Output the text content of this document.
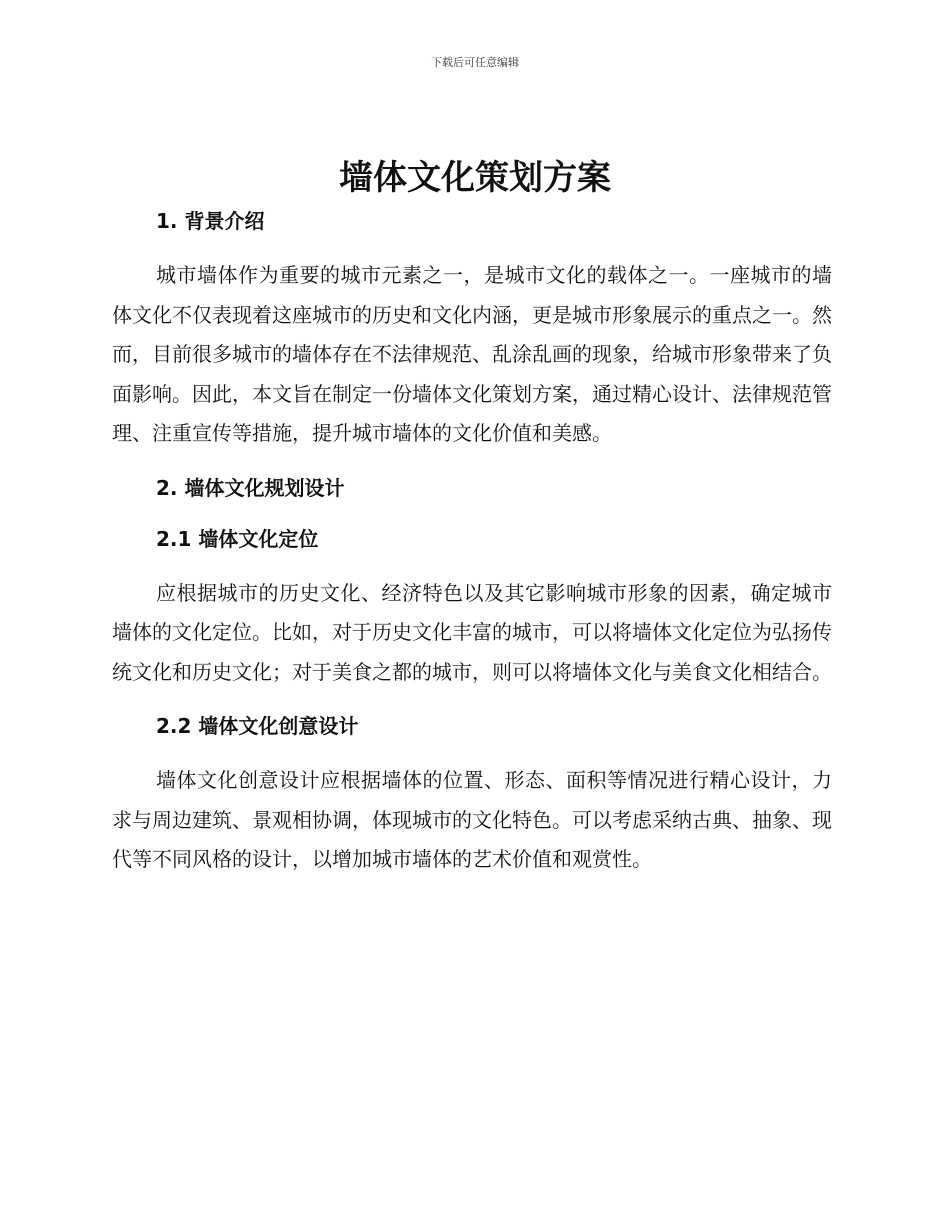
下载后可任意编辑
墙体文化策划方案
1. 背景介绍

城市墙体作为重要的城市元素之一，是城市文化的载体之一。一座城市的墙体文化不仅表现着这座城市的历史和文化内涵，更是城市形象展示的重点之一。然而，目前很多城市的墙体存在不法律规范、乱涂乱画的现象，给城市形象带来了负面影响。因此，本文旨在制定一份墙体文化策划方案，通过精心设计、法律规范管理、注重宣传等措施，提升城市墙体的文化价值和美感。

2. 墙体文化规划设计
2.1 墙体文化定位

应根据城市的历史文化、经济特色以及其它影响城市形象的因素，确定城市墙体的文化定位。比如，对于历史文化丰富的城市，可以将墙体文化定位为弘扬传统文化和历史文化；对于美食之都的城市，则可以将墙体文化与美食文化相结合。

2.2 墙体文化创意设计

墙体文化创意设计应根据墙体的位置、形态、面积等情况进行精心设计，力求与周边建筑、景观相协调，体现城市的文化特色。可以考虑采纳古典、抽象、现代等不同风格的设计，以增加城市墙体的艺术价值和观赏性。
